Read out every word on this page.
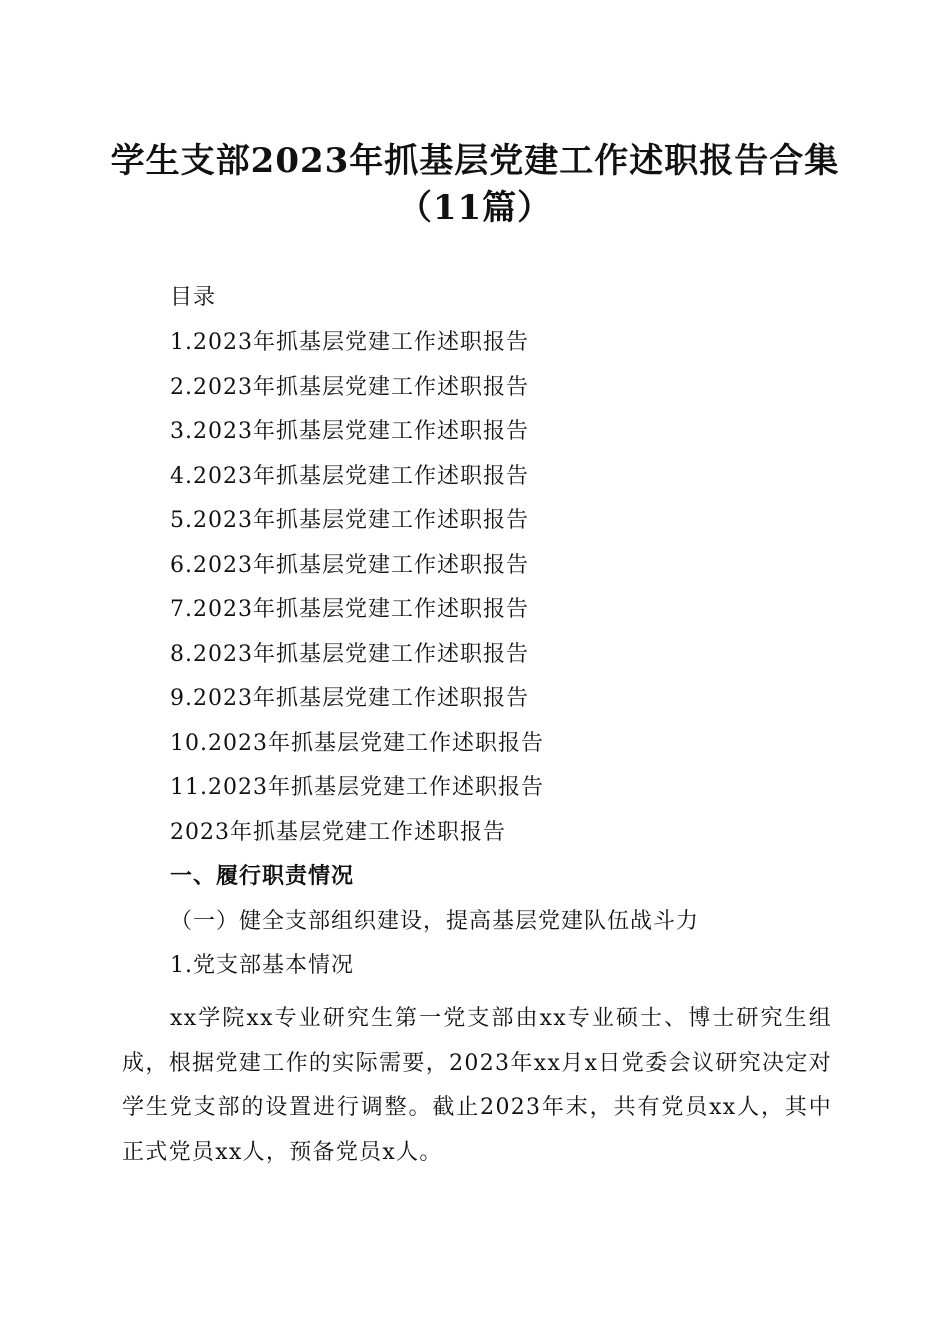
学生支部2023年抓基层党建工作述职报告合集（11篇）
目录
1.2023年抓基层党建工作述职报告
2.2023年抓基层党建工作述职报告
3.2023年抓基层党建工作述职报告
4.2023年抓基层党建工作述职报告
5.2023年抓基层党建工作述职报告
6.2023年抓基层党建工作述职报告
7.2023年抓基层党建工作述职报告
8.2023年抓基层党建工作述职报告
9.2023年抓基层党建工作述职报告
10.2023年抓基层党建工作述职报告
11.2023年抓基层党建工作述职报告
2023年抓基层党建工作述职报告
一、履行职责情况
（一）健全支部组织建设，提高基层党建队伍战斗力
1.党支部基本情况
xx学院xx专业研究生第一党支部由xx专业硕士、博士研究生组成，根据党建工作的实际需要，2023年xx月x日党委会议研究决定对学生党支部的设置进行调整。截止2023年末，共有党员xx人，其中正式党员xx人，预备党员x人。
